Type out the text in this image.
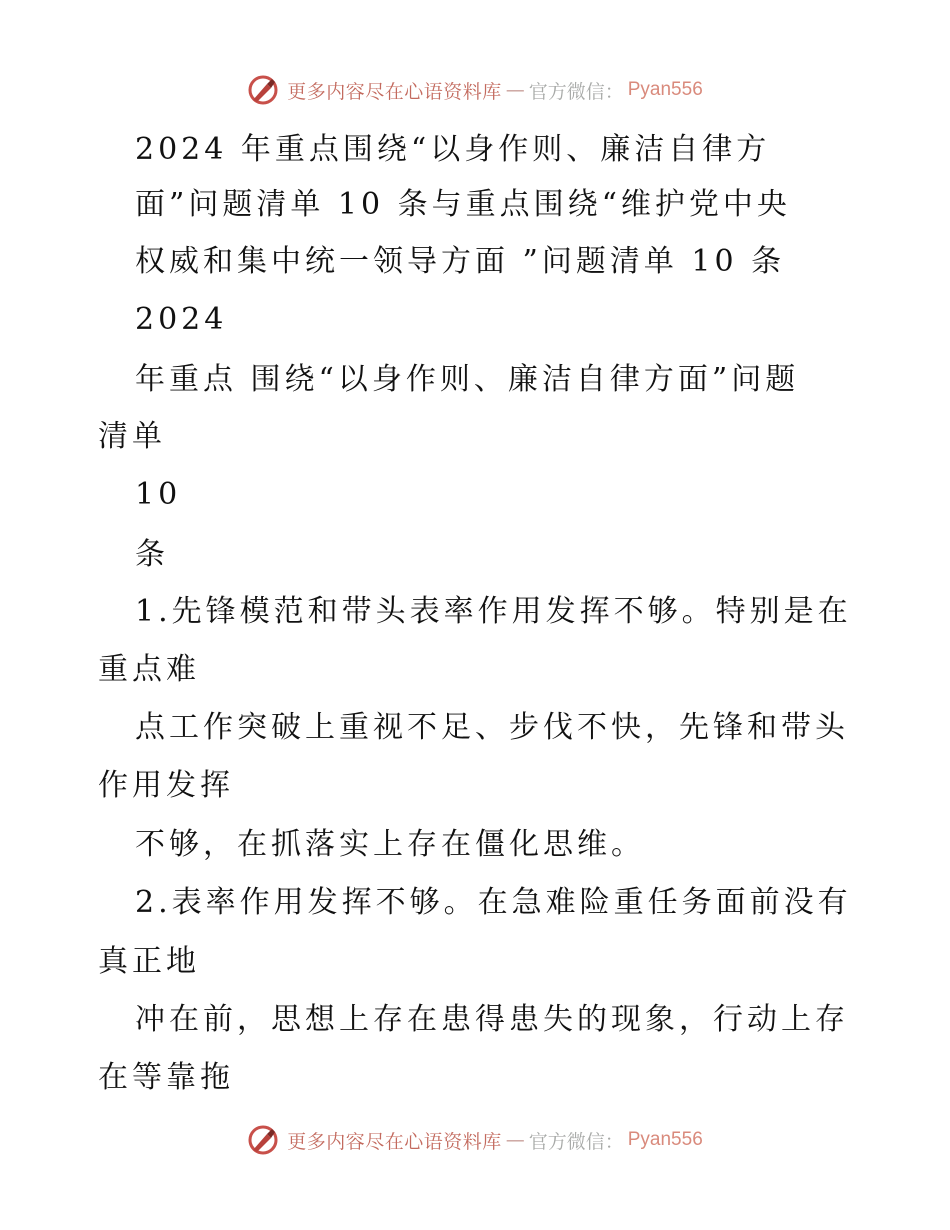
更多内容尽在心语资料库 — 官方微信： Pyan556
2024 年重点围绕“以身作则、廉洁自律方
面”问题清单 10 条与重点围绕“维护党中央
权威和集中统一领导方面 ”问题清单 10 条
2024
年重点 围绕“以身作则、廉洁自律方面”问题
清单
10
条
1.先锋模范和带头表率作用发挥不够。特别是在
重点难
点工作突破上重视不足、步伐不快，先锋和带头
作用发挥
不够，在抓落实上存在僵化思维。
2.表率作用发挥不够。在急难险重任务面前没有
真正地
冲在前，思想上存在患得患失的现象，行动上存
在等靠拖
更多内容尽在心语资料库 — 官方微信： Pyan556
